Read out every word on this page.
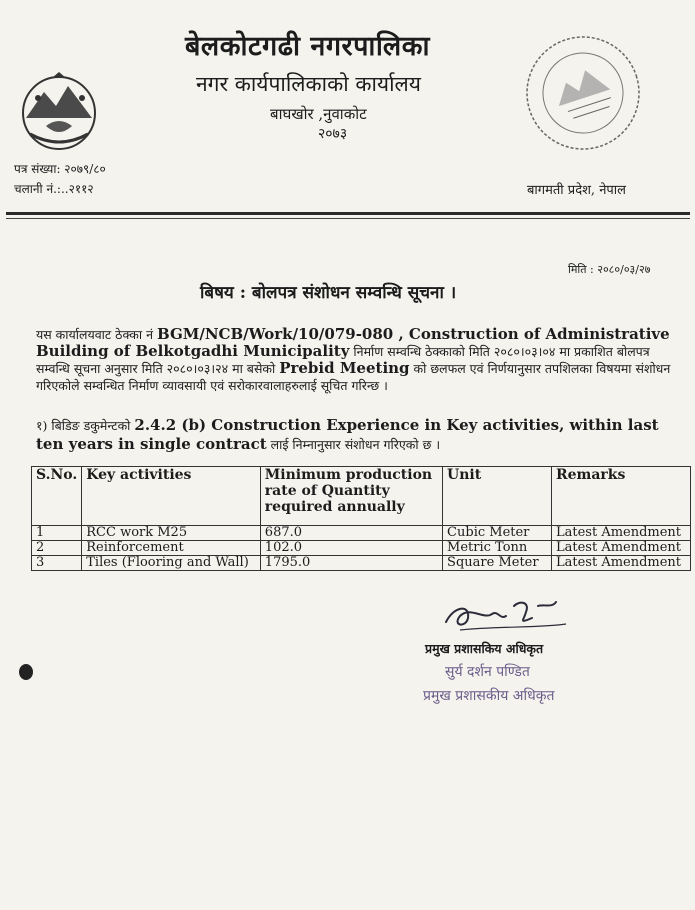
बेलकोटगढी नगरपालिका
नगर कार्यपालिकाको कार्यालय
बाघखोर ,नुवाकोट
२०७३
पत्र संख्या: २०७९/८०
चलानी नं.:..२११२	बागमती प्रदेश, नेपाल
मिति : २०८०/०३/२७
बिषय : बोलपत्र संशोधन सम्वन्धि सूचना ।
यस कार्यालयवाट ठेक्का नं BGM/NCB/Work/10/079-080 , Construction of Administrative Building of Belkotgadhi Municipality निर्माण सम्वन्धि ठेक्काको मिति २०८०।०३।०४ मा प्रकाशित बोलपत्र सम्वन्धि सूचना अनुसार मिति २०८०।०३।२४ मा बसेको Prebid Meeting को छलफल एवं निर्णयानुसार तपशिलका विषयमा संशोधन गरिएकोले सम्वन्धित निर्माण व्यावसायी एवं सरोकारवालाहरुलाई सूचित गरिन्छ ।
१) बिडिङ डकुमेन्टको 2.4.2 (b) Construction Experience in Key activities, within last ten years in single contract लाई निम्नानुसार संशोधन गरिएको छ ।
S.No.	Key activities	Minimum production rate of Quantity required annually	Unit	Remarks
1	RCC work M25	687.0	Cubic Meter	Latest Amendment
2	Reinforcement	102.0	Metric Tonn	Latest Amendment
3	Tiles (Flooring and Wall)	1795.0	Square Meter	Latest Amendment
प्रमुख प्रशासकिय अधिकृत
सुर्य दर्शन पण्डित
प्रमुख प्रशासकीय अधिकृत
